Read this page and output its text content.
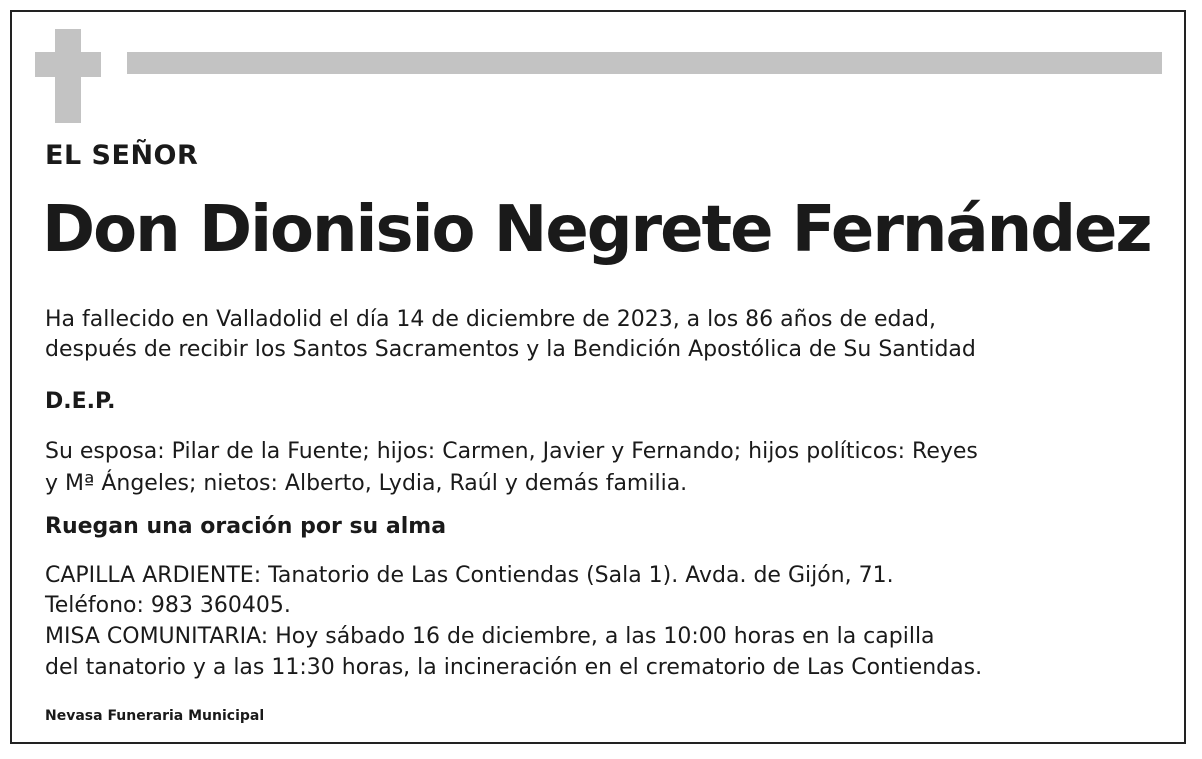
EL SEÑOR
Don Dionisio Negrete Fernández
Ha fallecido en Valladolid el día 14 de diciembre de 2023, a los 86 años de edad,
después de recibir los Santos Sacramentos y la Bendición Apostólica de Su Santidad
D.E.P.
Su esposa: Pilar de la Fuente; hijos: Carmen, Javier y Fernando; hijos políticos: Reyes
y Mª Ángeles; nietos: Alberto, Lydia, Raúl y demás familia.
Ruegan una oración por su alma
CAPILLA ARDIENTE: Tanatorio de Las Contiendas (Sala 1). Avda. de Gijón, 71.
Teléfono: 983 360405.
MISA COMUNITARIA: Hoy sábado 16 de diciembre, a las 10:00 horas en la capilla
del tanatorio y a las 11:30 horas, la incineración en el crematorio de Las Contiendas.
Nevasa Funeraria Municipal
